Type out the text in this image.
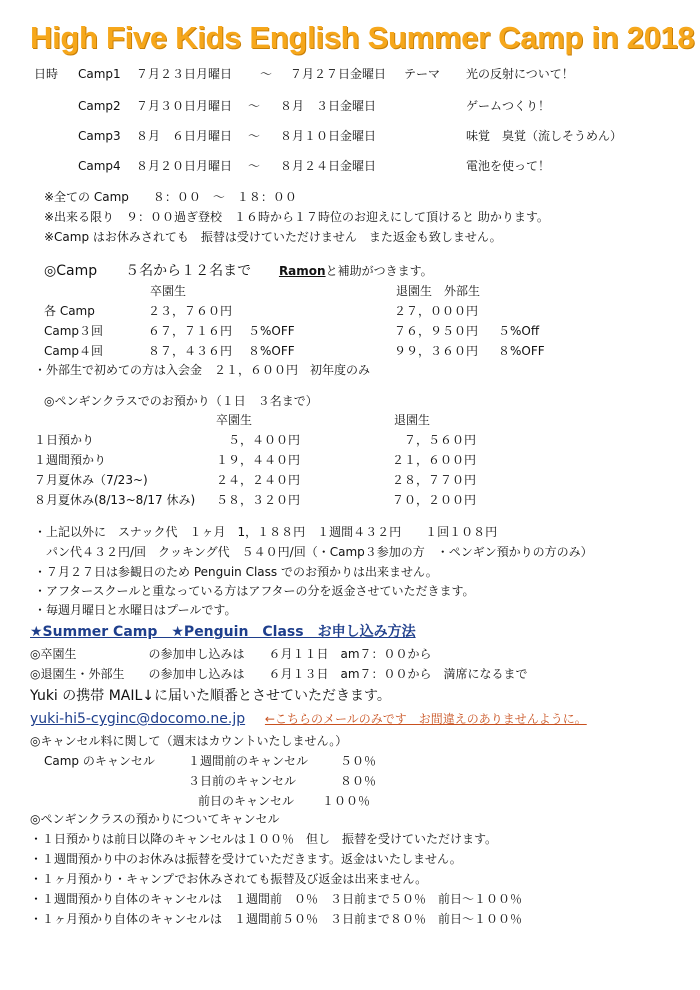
High Five Kids English Summer Camp in 2018
日時 Camp1 ７月２３日月曜日 ～ ７月２７日金曜日 テーマ 光の反射について！
Camp2 ７月３０日月曜日 ～ ８月　３日金曜日	ゲームつくり！
Camp3 ８月　６日月曜日 ～ ８月１０日金曜日	味覚　臭覚（流しそうめん）
Camp4 ８月２０日月曜日 ～ ８月２４日金曜日	電池を使って！
※全ての Camp　　８：００　～　１８：００
※出来る限り　９：００過ぎ登校　１６時から１７時位のお迎えにして頂けると 助かります。
※Camp はお休みされても　振替は受けていただけません　また返金も致しません。
◎Camp　　５名から１２名まで Ramonと補助がつきます。
卒園生	退園生　外部生
各 Camp	２３，７６０円	２７，０００円
Camp３回	６７，７１６円 ５%OFF	７６，９５０円 ５%Off
Camp４回	８７，４３６円 ８%OFF	９９，３６０円 ８%OFF
・外部生で初めての方は入会金　２１，６００円　初年度のみ
◎ペンギンクラスでのお預かり（１日　３名まで）
卒園生	退園生
１日預かり	５，４００円	７，５６０円
１週間預かり	１９，４４０円	２１，６００円
７月夏休み（7/23~)	２４，２４０円	２８，７７０円
８月夏休み(8/13~8/17 休み) ５８，３２０円	７０，２００円
・上記以外に　スナック代　１ヶ月　1，１８８円　１週間４３２円　　１回１０８円
　パン代４３２円/回　クッキング代　５４０円/回（・Camp３参加の方　・ペンギン預かりの方のみ）
・７月２７日は参観日のため Penguin Class でのお預かりは出来ません。
・アフタースクールと重なっている方はアフターの分を返金させていただきます。
・毎週月曜日と水曜日はプールです。
★Summer Camp　★Penguin　Class　お申し込み方法
◎卒園生　　　　　　の参加申し込みは　　６月１１日　am７：００から
◎退園生・外部生　　の参加申し込みは　　６月１３日　am７：００から　満席になるまで
Yuki の携帯 MAIL↓に届いた順番とさせていただきます。
yuki-hi5-cyginc@docomo.ne.jp ←こちらのメールのみです　お間違えのありませんように。
◎キャンセル料に関して（週末はカウントいたしません。）
Camp のキャンセル	１週間前のキャンセル	５０％
３日前のキャンセル	８０％
前日のキャンセル １００％
◎ペンギンクラスの預かりについてキャンセル
・１日預かりは前日以降のキャンセルは１００％　但し　振替を受けていただけます。
・１週間預かり中のお休みは振替を受けていただきます。返金はいたしません。
・１ヶ月預かり・キャンプでお休みされても振替及び返金は出来ません。
・１週間預かり自体のキャンセルは　１週間前　０％　３日前まで５０％　前日～１００％
・１ヶ月預かり自体のキャンセルは　１週間前５０％　３日前まで８０％　前日～１００％
